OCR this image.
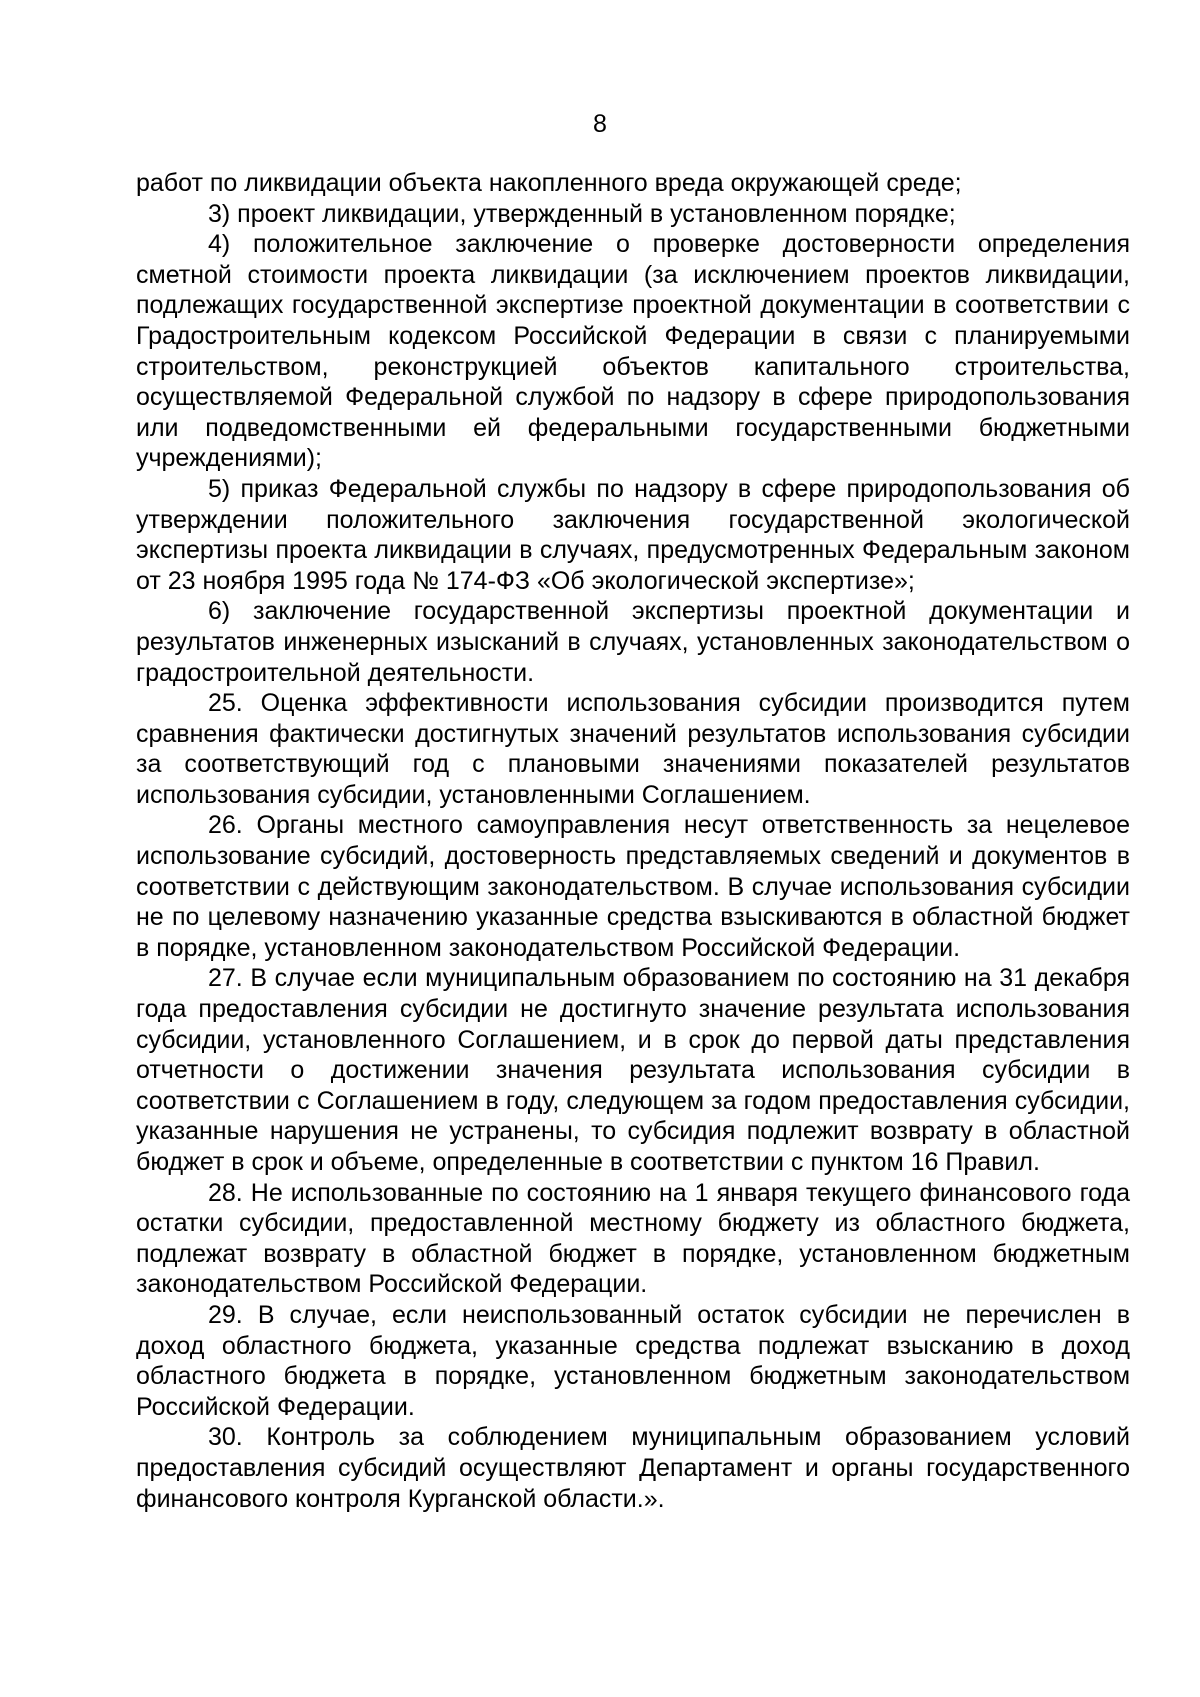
8

работ по ликвидации объекта накопленного вреда окружающей среде;

3) проект ликвидации, утвержденный в установленном порядке;

4) положительное заключение о проверке достоверности определения сметной стоимости проекта ликвидации (за исключением проектов ликвидации, подлежащих государственной экспертизе проектной документации в соответствии с Градостроительным кодексом Российской Федерации в связи с планируемыми строительством, реконструкцией объектов капитального строительства, осуществляемой Федеральной службой по надзору в сфере природопользования или подведомственными ей федеральными государственными бюджетными учреждениями);

5) приказ Федеральной службы по надзору в сфере природопользования об утверждении положительного заключения государственной экологической экспертизы проекта ликвидации в случаях, предусмотренных Федеральным законом от 23 ноября 1995 года № 174-ФЗ «Об экологической экспертизе»;

6) заключение государственной экспертизы проектной документации и результатов инженерных изысканий в случаях, установленных законодательством о градостроительной деятельности.

25. Оценка эффективности использования субсидии производится путем сравнения фактически достигнутых значений результатов использования субсидии за соответствующий год с плановыми значениями показателей результатов использования субсидии, установленными Соглашением.

26. Органы местного самоуправления несут ответственность за нецелевое использование субсидий, достоверность представляемых сведений и документов в соответствии с действующим законодательством. В случае использования субсидии не по целевому назначению указанные средства взыскиваются в областной бюджет в порядке, установленном законодательством Российской Федерации.

27. В случае если муниципальным образованием по состоянию на 31 декабря года предоставления субсидии не достигнуто значение результата использования субсидии, установленного Соглашением, и в срок до первой даты представления отчетности о достижении значения результата использования субсидии в соответствии с Соглашением в году, следующем за годом предоставления субсидии, указанные нарушения не устранены, то субсидия подлежит возврату в областной бюджет в срок и объеме, определенные в соответствии с пунктом 16 Правил.

28. Не использованные по состоянию на 1 января текущего финансового года остатки субсидии, предоставленной местному бюджету из областного бюджета, подлежат возврату в областной бюджет в порядке, установленном бюджетным законодательством Российской Федерации.

29. В случае, если неиспользованный остаток субсидии не перечислен в доход областного бюджета, указанные средства подлежат взысканию в доход областного бюджета в порядке, установленном бюджетным законодательством Российской Федерации.

30. Контроль за соблюдением муниципальным образованием условий предоставления субсидий осуществляют Департамент и органы государственного финансового контроля Курганской области.».
